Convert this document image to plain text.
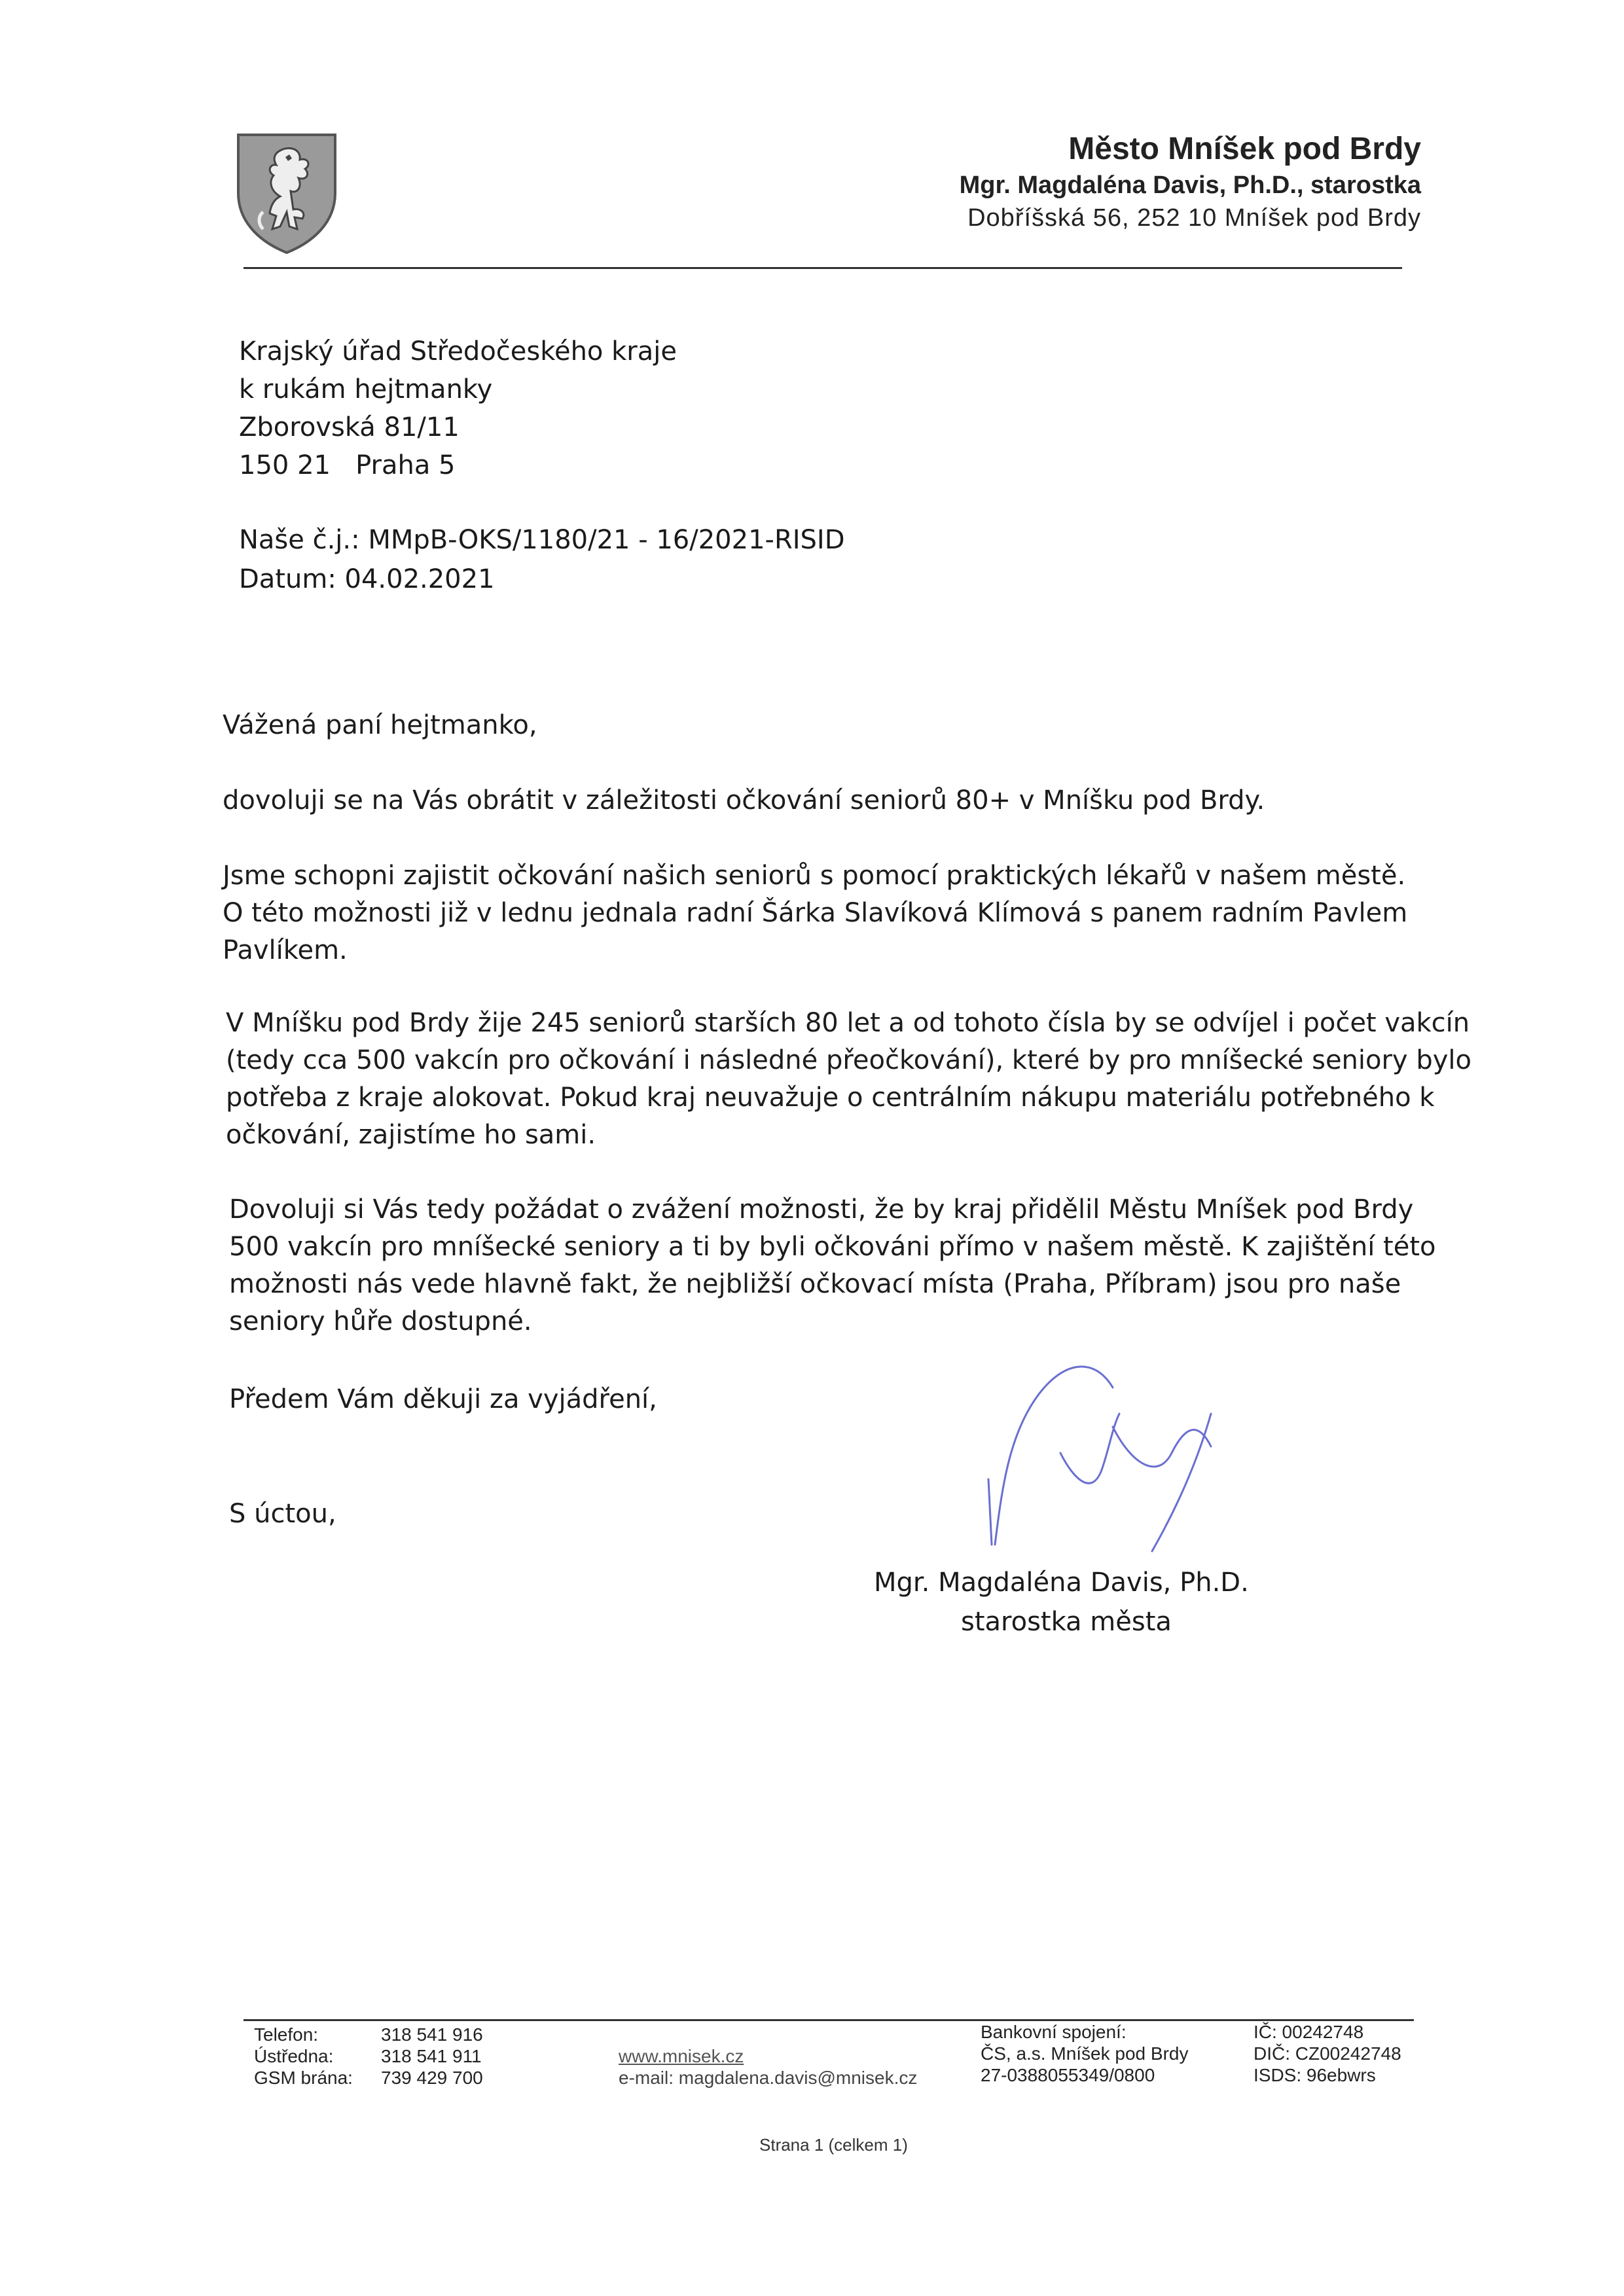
Město Mníšek pod Brdy
Mgr. Magdaléna Davis, Ph.D., starostka
Dobříšská 56, 252 10 Mníšek pod Brdy
Krajský úřad Středočeského kraje
k rukám hejtmanky
Zborovská 81/11
150 21   Praha 5
Naše č.j.: MMpB-OKS/1180/21 - 16/2021-RISID
Datum: 04.02.2021
Vážená paní hejtmanko,
dovoluji se na Vás obrátit v záležitosti očkování seniorů 80+ v Mníšku pod Brdy.
Jsme schopni zajistit očkování našich seniorů s pomocí praktických lékařů v našem městě.
O této možnosti již v lednu jednala radní Šárka Slavíková Klímová s panem radním Pavlem
Pavlíkem.
V Mníšku pod Brdy žije 245 seniorů starších 80 let a od tohoto čísla by se odvíjel i počet vakcín
(tedy cca 500 vakcín pro očkování i následné přeočkování), které by pro mníšecké seniory bylo
potřeba z kraje alokovat. Pokud kraj neuvažuje o centrálním nákupu materiálu potřebného k
očkování, zajistíme ho sami.
Dovoluji si Vás tedy požádat o zvážení možnosti, že by kraj přidělil Městu Mníšek pod Brdy
500 vakcín pro mníšecké seniory a ti by byli očkováni přímo v našem městě. K zajištění této
možnosti nás vede hlavně fakt, že nejbližší očkovací místa (Praha, Příbram) jsou pro naše
seniory hůře dostupné.
Předem Vám děkuji za vyjádření,
S úctou,
Mgr. Magdaléna Davis, Ph.D.
starostka města
Telefon:
Ústředna:
GSM brána:
318 541 916
318 541 911
739 429 700
www.mnisek.cz
e-mail: magdalena.davis@mnisek.cz
Bankovní spojení:
ČS, a.s. Mníšek pod Brdy
27-0388055349/0800
IČ: 00242748
DIČ: CZ00242748
ISDS: 96ebwrs
Strana 1 (celkem 1)
